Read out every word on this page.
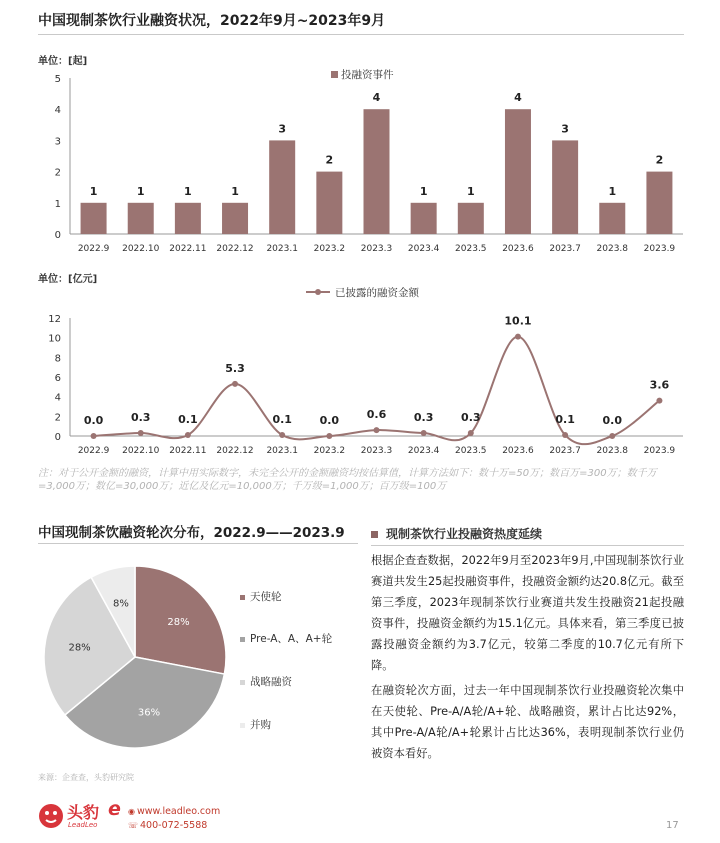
中国现制茶饮行业融资状况，2022年9月~2023年9月
单位：[起]
0
1
2
3
4
5
1
2022.9
1
2022.10
1
2022.11
1
2022.12
3
2023.1
2
2023.2
4
2023.3
1
2023.4
1
2023.5
4
2023.6
3
2023.7
1
2023.8
2
2023.9
投融资事件
单位：[亿元]
0
2
4
6
8
10
12
0.0
2022.9
0.3
2022.10
0.1
2022.11
5.3
2022.12
0.1
2023.1
0.0
2023.2
0.6
2023.3
0.3
2023.4
0.3
2023.5
10.1
2023.6
0.1
2023.7
0.0
2023.8
3.6
2023.9
已披露的融资金额
注：对于公开金额的融资，计算中用实际数字，未完全公开的金额融资均按估算值，计算方法如下：数十万=50万；数百万=300万；数千万=3,000万；数亿=30,000万；近亿及亿元=10,000万；千万级=1,000万；百万级=100万
中国现制茶饮融资轮次分布，2022.9——2023.9
28%
36%
28%
8%
天使轮
Pre-A、A、A+轮
战略融资
并购
现制茶饮行业投融资热度延续
根据企查查数据，2022年9月至2023年9月,中国现制茶饮行业赛道共发生25起投融资事件，投融资金额约达20.8亿元。截至第三季度，2023年现制茶饮行业赛道共发生投融资21起投融资事件，投融资金额约为15.1亿元。具体来看，第三季度已披露投融资金额约为3.7亿元，较第二季度的10.7亿元有所下降。
在融资轮次方面，过去一年中国现制茶饮行业投融资轮次集中在天使轮、Pre-A/A轮/A+轮、战略融资，累计占比达92%，其中Pre-A/A轮/A+轮累计占比达36%，表明现制茶饮行业仍被资本看好。
来源：企查查，头豹研究院
头豹
LeadLeo
e ◉ www.leadleo.com
☏ 400-072-5588	17
